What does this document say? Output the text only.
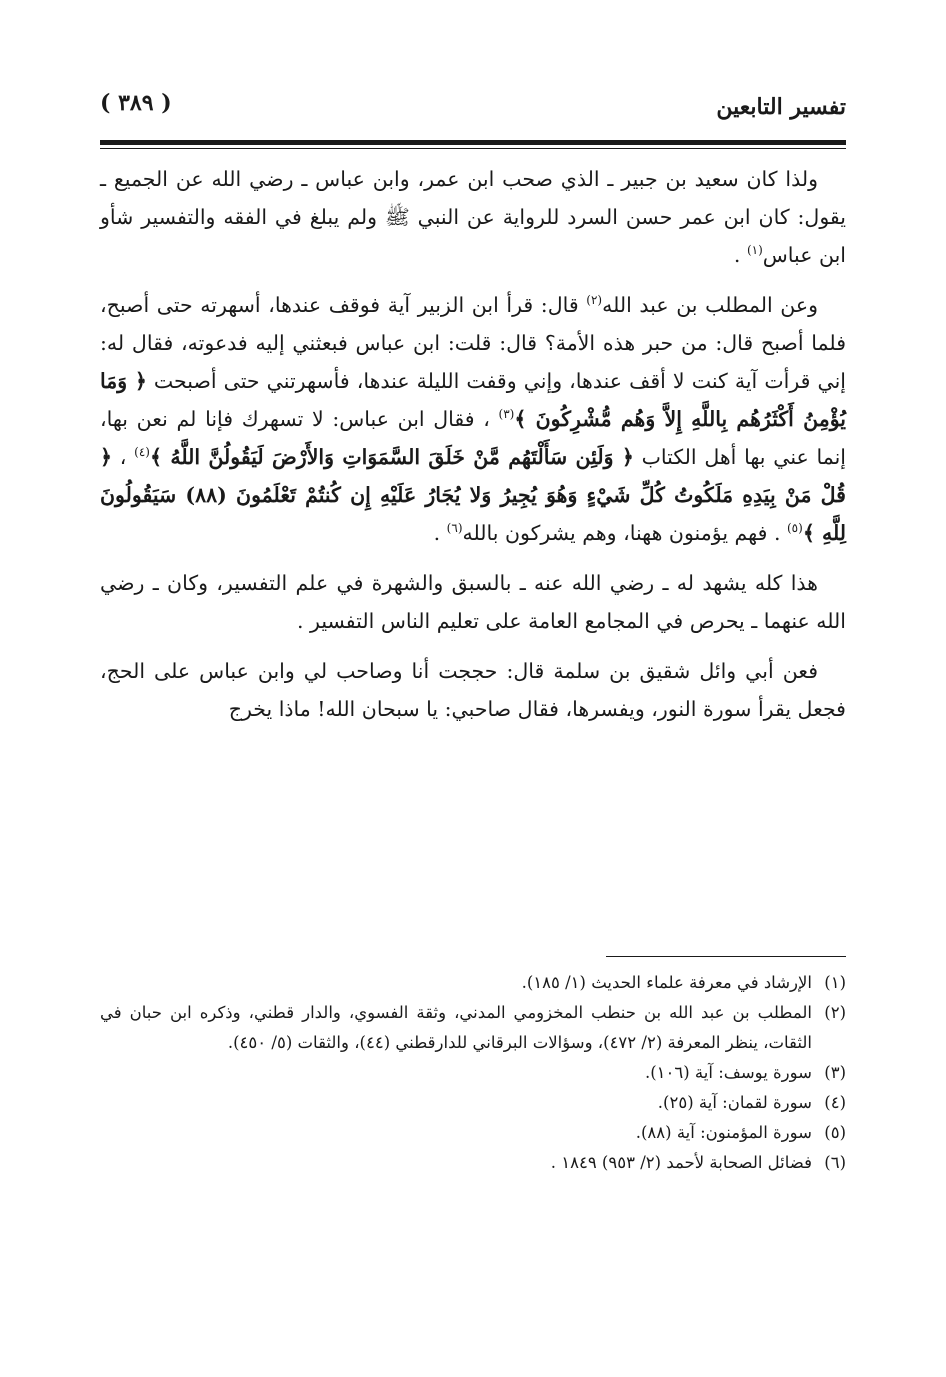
تفسير التابعين
( ٣٨٩ )

ولذا كان سعيد بن جبير ـ الذي صحب ابن عمر، وابن عباس ـ رضي الله عن الجميع ـ يقول: كان ابن عمر حسن السرد للرواية عن النبي ﷺ ولم يبلغ في الفقه والتفسير شأو ابن عباس$^{(١)}$ .

وعن المطلب بن عبد الله$^{(٢)}$ قال: قرأ ابن الزبير آية فوقف عندها، أسهرته حتى أصبح، فلما أصبح قال: من حبر هذه الأمة؟ قال: قلت: ابن عباس فبعثني إليه فدعوته، فقال له: إني قرأت آية كنت لا أقف عندها، وإني وقفت الليلة عندها، فأسهرتني حتى أصبحت ﴿ وَمَا يُؤْمِنُ أَكْثَرُهُم بِاللَّهِ إِلاَّ وَهُم مُّشْرِكُونَ ﴾$^{(٣)}$ ، فقال ابن عباس: لا تسهرك فإنا لم نعن بها، إنما عني بها أهل الكتاب ﴿ وَلَئِن سَأَلْتَهُم مَّنْ خَلَقَ السَّمَوَاتِ وَالأَرْضَ لَيَقُولُنَّ اللَّهُ ﴾$^{(٤)}$ ، ﴿ قُلْ مَنْ بِيَدِهِ مَلَكُوتُ كُلِّ شَيْءٍ وَهُوَ يُجِيرُ وَلا يُجَارُ عَلَيْهِ إِن كُنتُمْ تَعْلَمُونَ (٨٨) سَيَقُولُونَ لِلَّهِ ﴾$^{(٥)}$ . فهم يؤمنون ههنا، وهم يشركون بالله$^{(٦)}$ .

هذا كله يشهد له ـ رضي الله عنه ـ بالسبق والشهرة في علم التفسير، وكان ـ رضي الله عنهما ـ يحرص في المجامع العامة على تعليم الناس التفسير .

فعن أبي وائل شقيق بن سلمة قال: حججت أنا وصاحب لي وابن عباس على الحج، فجعل يقرأ سورة النور، ويفسرها، فقال صاحبي: يا سبحان الله! ماذا يخرج

(١)
الإرشاد في معرفة علماء الحديث (١/ ١٨٥).
(٢)
المطلب بن عبد الله بن حنطب المخزومي المدني، وثقة الفسوي، والدار قطني، وذكره ابن حبان في الثقات، ينظر المعرفة (٢/ ٤٧٢)، وسؤالات البرقاني للدارقطني (٤٤)، والثقات (٥/ ٤٥٠).
(٣)
سورة يوسف: آية (١٠٦).
(٤)
سورة لقمان: آية (٢٥).
(٥)
سورة المؤمنون: آية (٨٨).
(٦)
فضائل الصحابة لأحمد (٢/ ٩٥٣) ١٨٤٩ .
